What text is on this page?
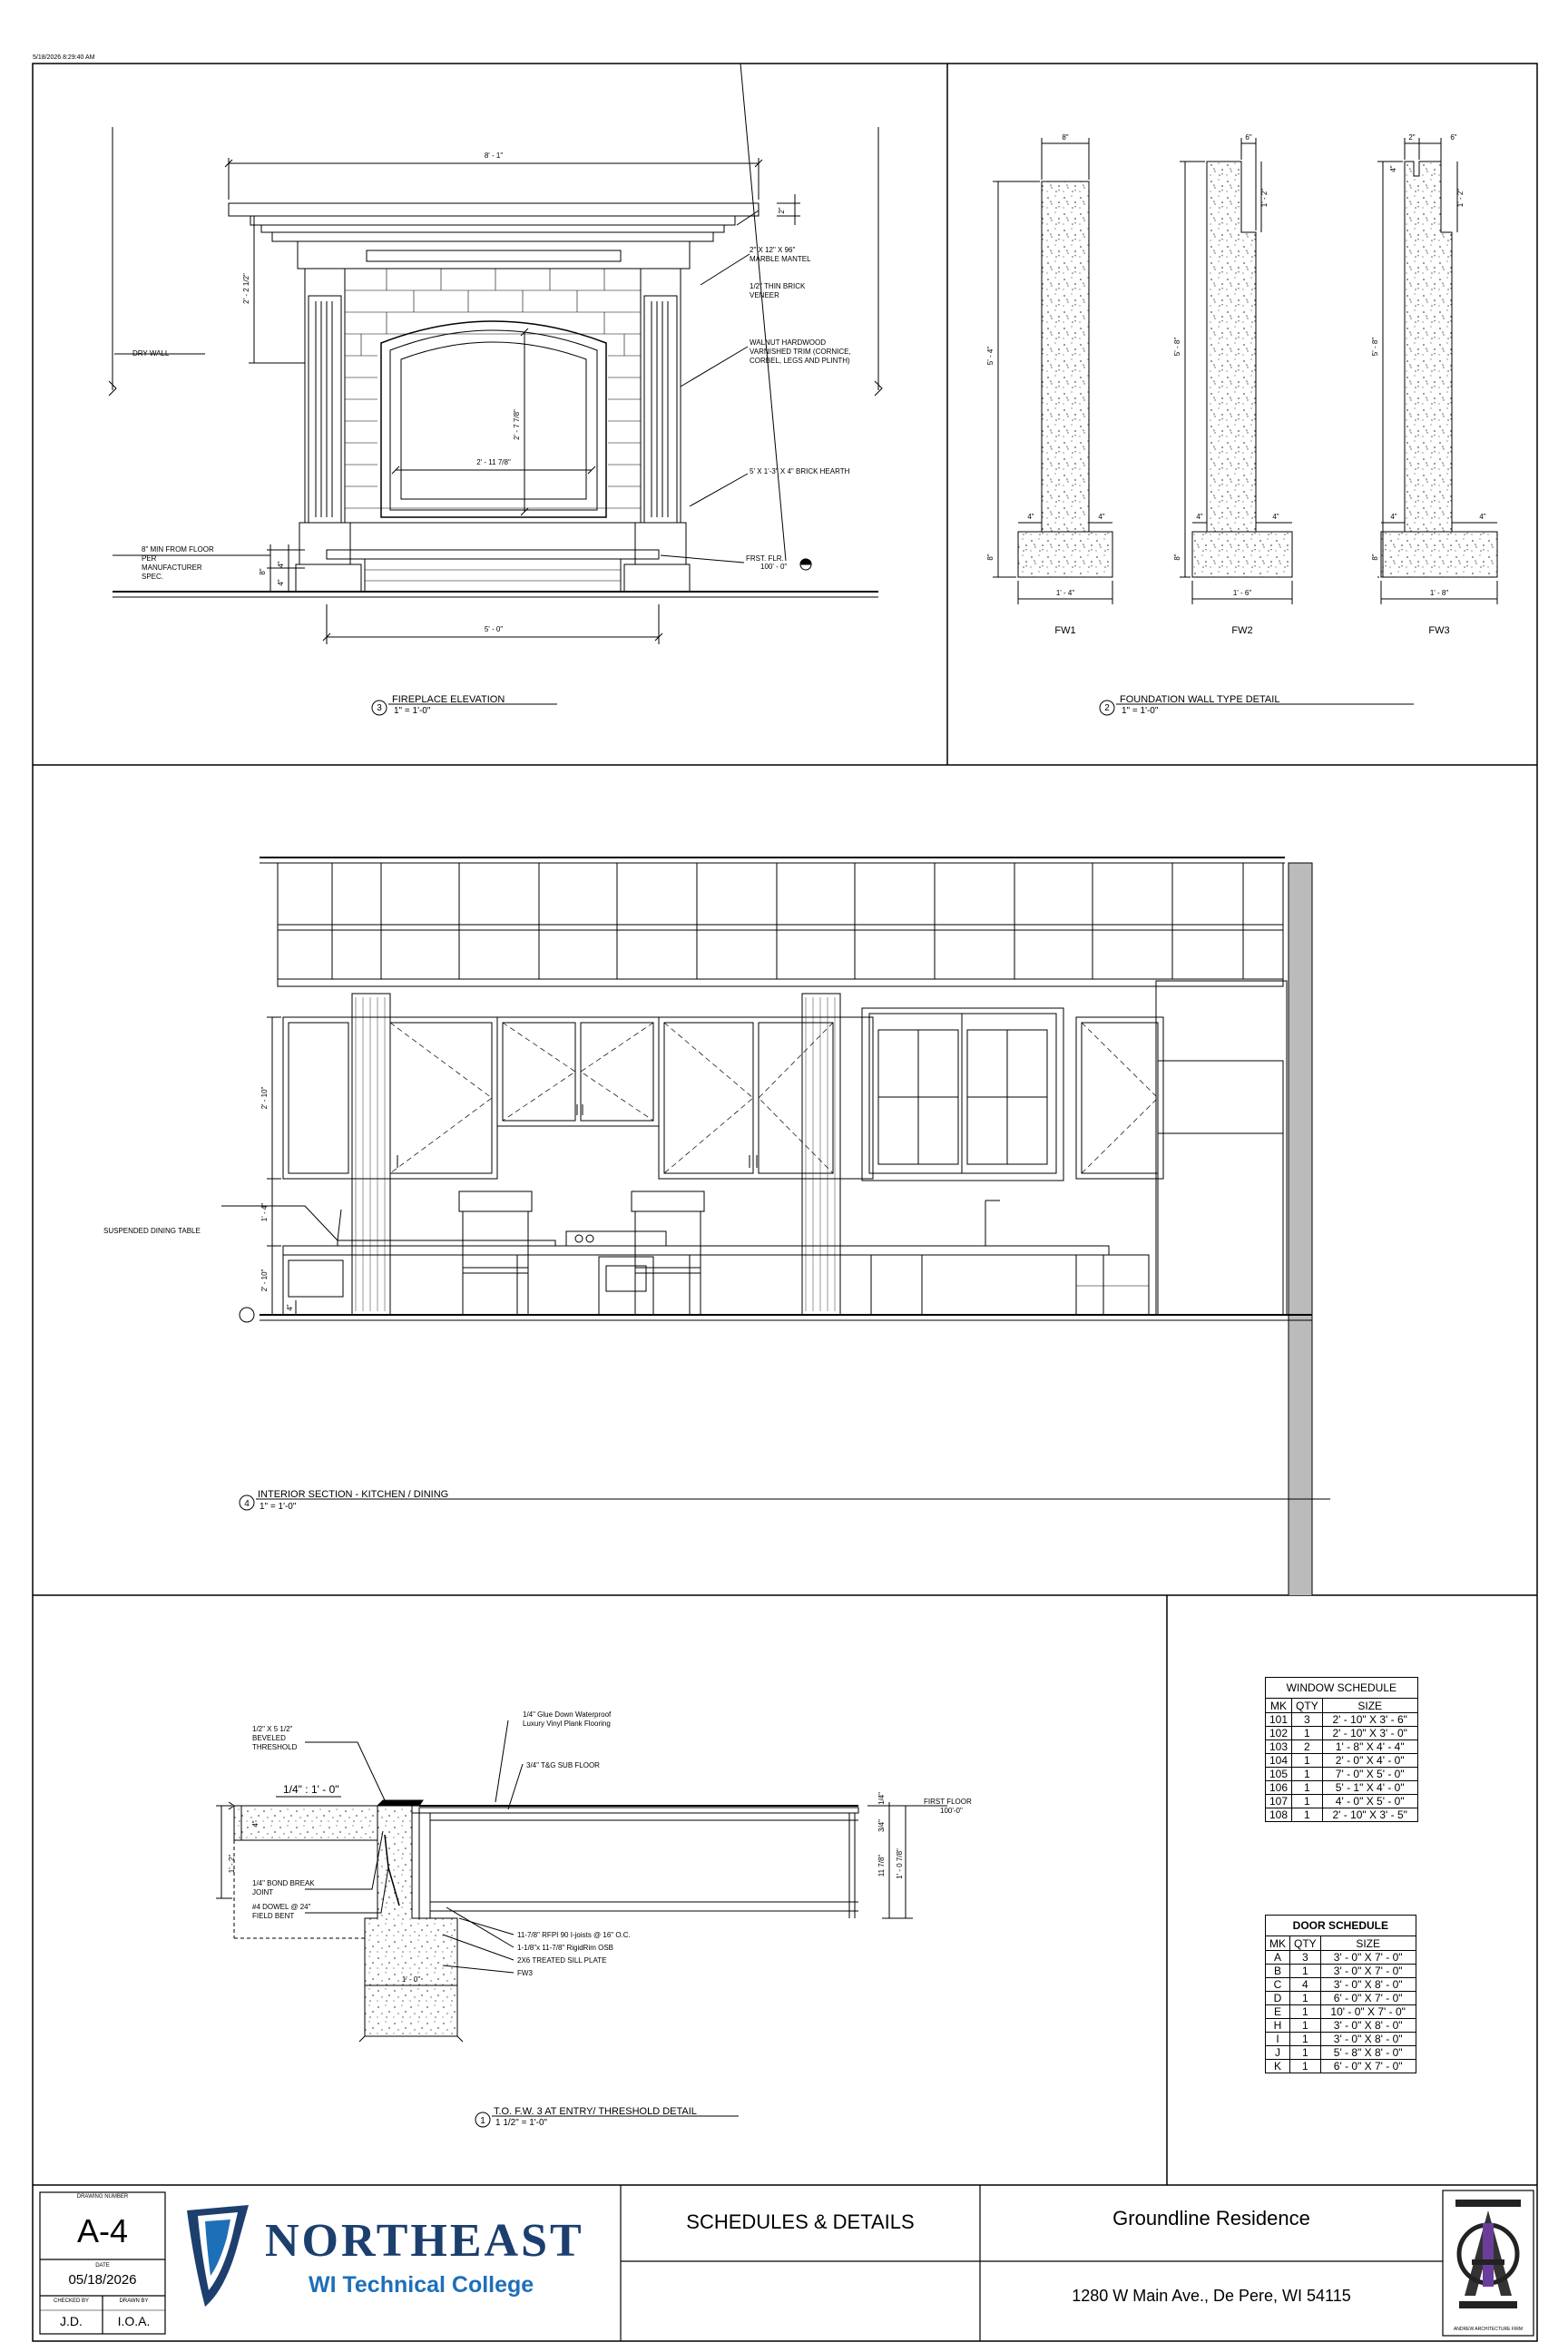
5/18/2026 8:29:40 AM
8' - 1"
2"
2' - 2 1/2"
2' - 7 7/8"
2' - 11 7/8"
5' - 0"
4"
4"
8"
DRY WALL
2" X 12" X 96"
MARBLE MANTEL
1/2" THIN BRICK
VENEER
WALNUT HARDWOOD
VARNISHED TRIM (CORNICE,
CORBEL, LEGS AND PLINTH)
5' X 1'-3" X 4" BRICK HEARTH
8" MIN FROM FLOOR
PER
MANUFACTURER
SPEC.
FRST. FLR.
100' - 0"
3
FIREPLACE ELEVATION
1" = 1'-0"
8"
5' - 4"
8"
4"	4"
1' - 4"
FW1
6"
1' - 2"
5' - 8"
8"
4"	4"
1' - 6"
FW2
2"	6"
4"
1' - 2"
5' - 8"
8"
4"	4"
1' - 8"
FW3
2
FOUNDATION WALL TYPE DETAIL
1" = 1'-0"
2' - 10"
1' - 4"
2' - 10"
4"
SUSPENDED DINING TABLE
4
INTERIOR SECTION - KITCHEN / DINING
1" = 1'-0"
1/2" X 5 1/2"
BEVELED
THRESHOLD
1/4" Glue Down Waterproof
Luxury Vinyl Plank Flooring
3/4" T&G SUB FLOOR
1/4" : 1' - 0"
FIRST FLOOR
100'-0"
1/4" BOND BREAK
JOINT
#4 DOWEL @ 24"
FIELD BENT
11-7/8" RFPI 90 I-joists @ 16" O.C.
1-1/8"x 11-7/8" RigidRim OSB
2X6 TREATED SILL PLATE
FW3
4"
1' - 2"
1' - 0"
1/4"
3/4"
11 7/8" 1' - 0 7/8"
1
T.O. F.W. 3 AT ENTRY/ THRESHOLD DETAIL
1 1/2" = 1'-0"
WINDOW SCHEDULE		
MK	QTY	SIZE
101	3	2' - 10" X 3' - 6"
102	1	2' - 10" X 3' - 0"
103	2	1' - 8" X 4' - 4"
104	1	2' - 0" X 4' - 0"
105	1	7' - 0" X 5' - 0"
106	1	5' - 1" X 4' - 0"
107	1	4' - 0" X 5' - 0"
108	1	2' - 10" X 3' - 5"
DOOR SCHEDULE		
MK	QTY	SIZE
A	3	3' - 0" X 7' - 0"
B	1	3' - 0" X 7' - 0"
C	4	3' - 0" X 8' - 0"
D	1	6' - 0" X 7' - 0"
E	1	10' - 0" X 7' - 0"
H	1	3' - 0" X 8' - 0"
I	1	3' - 0" X 8' - 0"
J	1	5' - 8" X 8' - 0"
K	1	6' - 0" X 7' - 0"
DRAWING NUMBER
A-4
DATE
05/18/2026
CHECKED BY	DRAWN BY
J.D.	I.O.A.
NORTHEAST
WI Technical College
SCHEDULES & DETAILS	Groundline Residence
1280 W Main Ave., De Pere, WI 54115
ANDREW ARCHITECTURE FIRM
